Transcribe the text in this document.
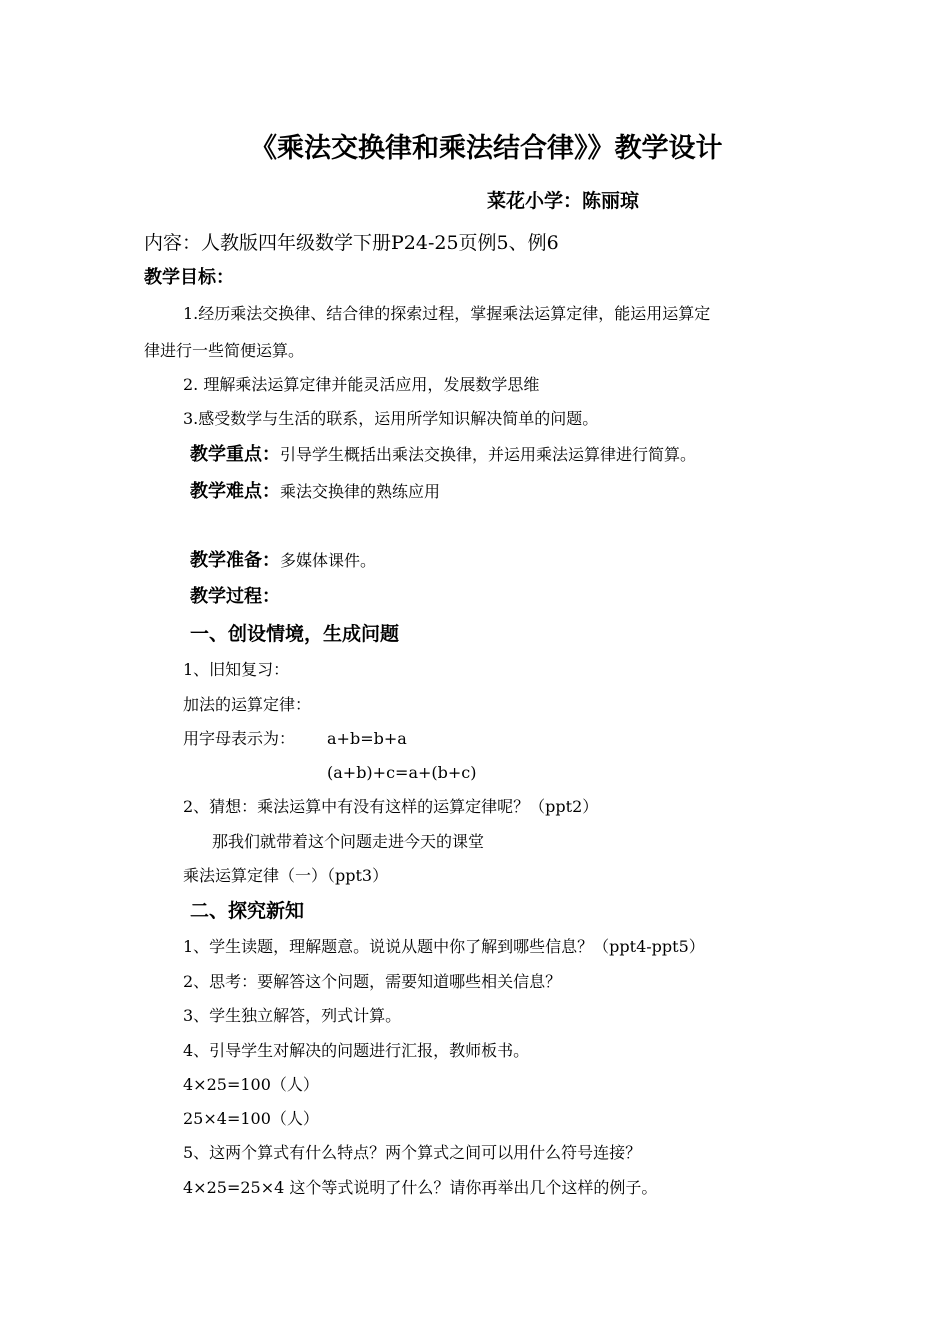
《乘法交换律和乘法结合律》》教学设计
菜花小学：陈丽琼
内容：人教版四年级数学下册P24-25页例5、例6
教学目标：
1.经历乘法交换律、结合律的探索过程，掌握乘法运算定律，能运用运算定
律进行一些简便运算。
2. 理解乘法运算定律并能灵活应用，发展数学思维
3.感受数学与生活的联系，运用所学知识解决简单的问题。
教学重点：引导学生概括出乘法交换律，并运用乘法运算律进行简算。
教学难点：乘法交换律的熟练应用
教学准备：多媒体课件。
教学过程：
一、创设情境，生成问题
1、旧知复习：
加法的运算定律：
用字母表示为： a+b=b+a
(a+b)+c=a+(b+c)
2、猜想：乘法运算中有没有这样的运算定律呢？（ppt2）
那我们就带着这个问题走进今天的课堂
乘法运算定律（一）（ppt3）
二、探究新知
1、学生读题，理解题意。说说从题中你了解到哪些信息？（ppt4-ppt5）
2、思考：要解答这个问题，需要知道哪些相关信息？
3、学生独立解答，列式计算。
4、引导学生对解决的问题进行汇报，教师板书。
4×25=100（人）
25×4=100（人）
5、这两个算式有什么特点？两个算式之间可以用什么符号连接？
4×25=25×4 这个等式说明了什么？请你再举出几个这样的例子。
